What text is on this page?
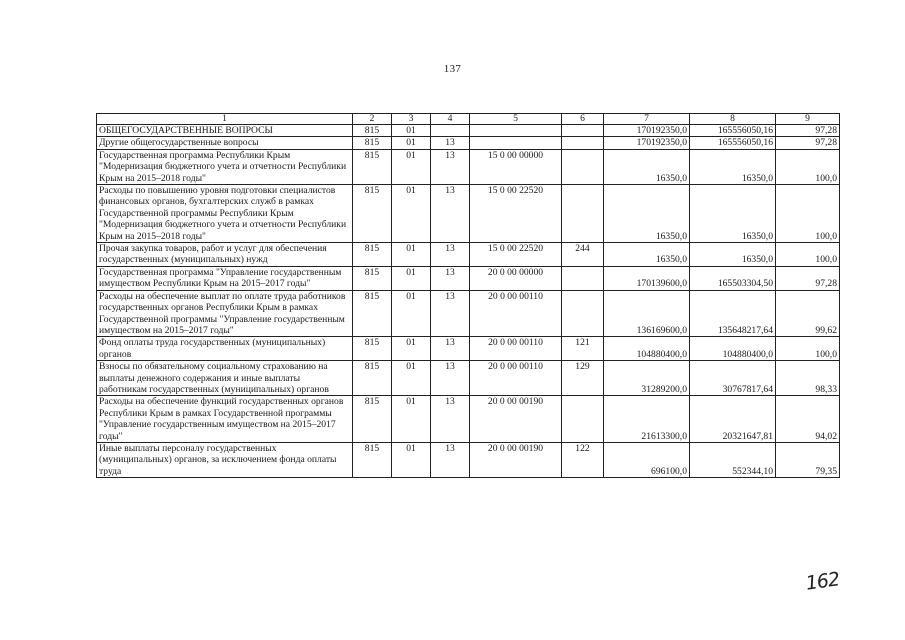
137
1	2	3	4	5	6	7	8	9
ОБЩЕГОСУДАРСТВЕННЫЕ ВОПРОСЫ	815	01				170192350,0	165556050,16	97,28
Другие общегосударственные вопросы	815	01	13			170192350,0	165556050,16	97,28
Государственная программа Республики Крым "Модернизация бюджетного учета и отчетности Республики Крым на 2015–2018 годы"	815	01	13	15 0 00 00000		16350,0	16350,0	100,0
Расходы по повышению уровня подготовки специалистов финансовых органов, бухгалтерских служб в рамках Государственной программы Республики Крым "Модернизация бюджетного учета и отчетности Республики Крым на 2015–2018 годы"	815	01	13	15 0 00 22520		16350,0	16350,0	100,0
Прочая закупка товаров, работ и услуг для обеспечения государственных (муниципальных) нужд	815	01	13	15 0 00 22520	244	16350,0	16350,0	100,0
Государственная программа "Управление государственным имуществом Республики Крым на 2015–2017 годы"	815	01	13	20 0 00 00000		170139600,0	165503304,50	97,28
Расходы на обеспечение выплат по оплате труда работников государственных органов Республики Крым в рамках Государственной программы "Управление государственным имуществом на 2015–2017 годы"	815	01	13	20 0 00 00110		136169600,0	135648217,64	99,62
Фонд оплаты труда государственных (муниципальных) органов	815	01	13	20 0 00 00110	121	104880400,0	104880400,0	100,0
Взносы по обязательному социальному страхованию на выплаты денежного содержания и иные выплаты работникам государственных (муниципальных) органов	815	01	13	20 0 00 00110	129	31289200,0	30767817,64	98,33
Расходы на обеспечение функций государственных органов Республики Крым в рамках Государственной программы "Управление государственным имуществом на 2015–2017 годы"	815	01	13	20 0 00 00190		21613300,0	20321647,81	94,02
Иные выплаты персоналу государственных (муниципальных) органов, за исключением фонда оплаты труда	815	01	13	20 0 00 00190	122	696100,0	552344,10	79,35
162
